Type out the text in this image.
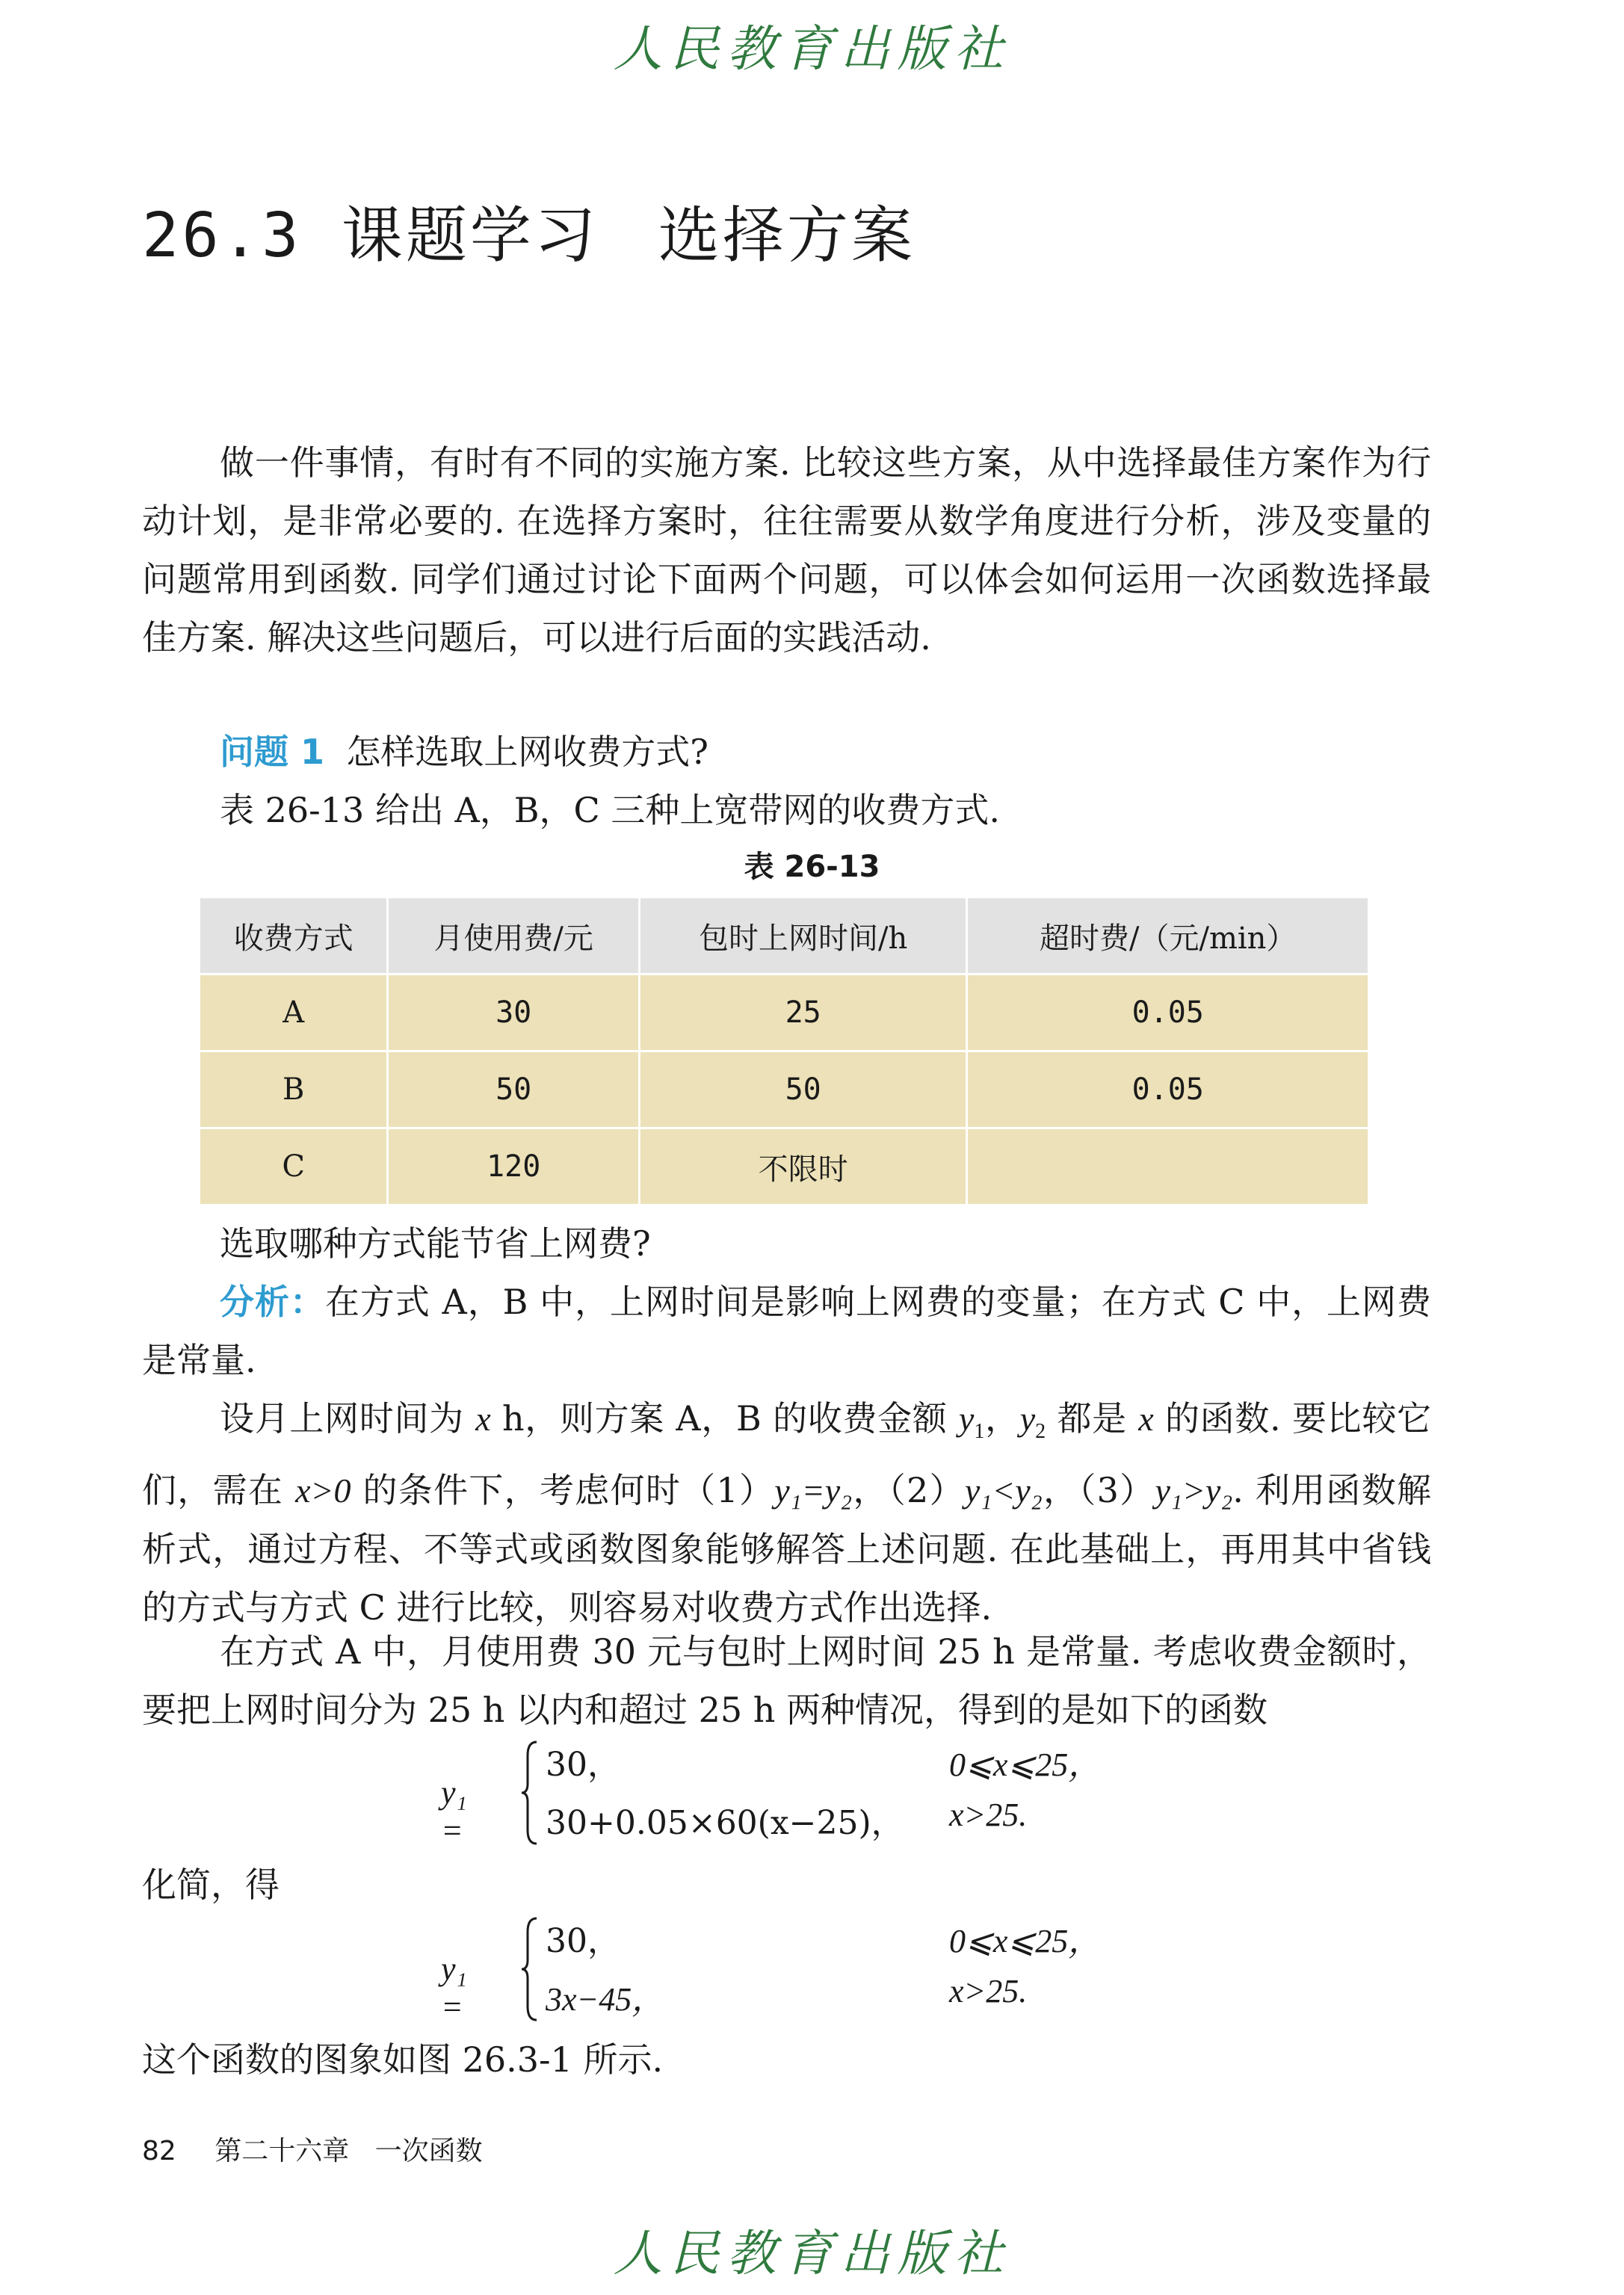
人民教育出版社
26.3 课题学习 选择方案

做一件事情，有时有不同的实施方案. 比较这些方案，从中选择最佳方案作为行动计划，是非常必要的. 在选择方案时，往往需要从数学角度进行分析，涉及变量的问题常用到函数. 同学们通过讨论下面两个问题，可以体会如何运用一次函数选择最佳方案. 解决这些问题后，可以进行后面的实践活动.

问题 1 怎样选取上网收费方式?

表 26-13 给出 A，B，C 三种上宽带网的收费方式.

表 26-13
收费方式	月使用费/元	包时上网时间/h	超时费/（元/min）
A	30	25	0.05
B	50	50	0.05
C	120	不限时	

选取哪种方式能节省上网费?

分析：在方式 A，B 中，上网时间是影响上网费的变量；在方式 C 中，上网费是常量.

设月上网时间为 x h，则方案 A，B 的收费金额 $y_1$，$y_2$ 都是 x 的函数. 要比较它们，需在 x>0 的条件下，考虑何时（1）y₁=y₂，（2）y₁<y₂，（3）y₁>y₂. 利用函数解析式，通过方程、不等式或函数图象能够解答上述问题. 在此基础上，再用其中省钱的方式与方式 C 进行比较，则容易对收费方式作出选择.

在方式 A 中，月使用费 30 元与包时上网时间 25 h 是常量. 考虑收费金额时，要把上网时间分为 25 h 以内和超过 25 h 两种情况，得到的是如下的函数

y₁ =
30，	0⩽x⩽25，
30+0.05×60(x−25)， x>25.

化简，得

y₁ =
30，	0⩽x⩽25，
3x−45，	x>25.

这个函数的图象如图 26.3-1 所示.

82 第二十六章 一次函数
人民教育出版社
